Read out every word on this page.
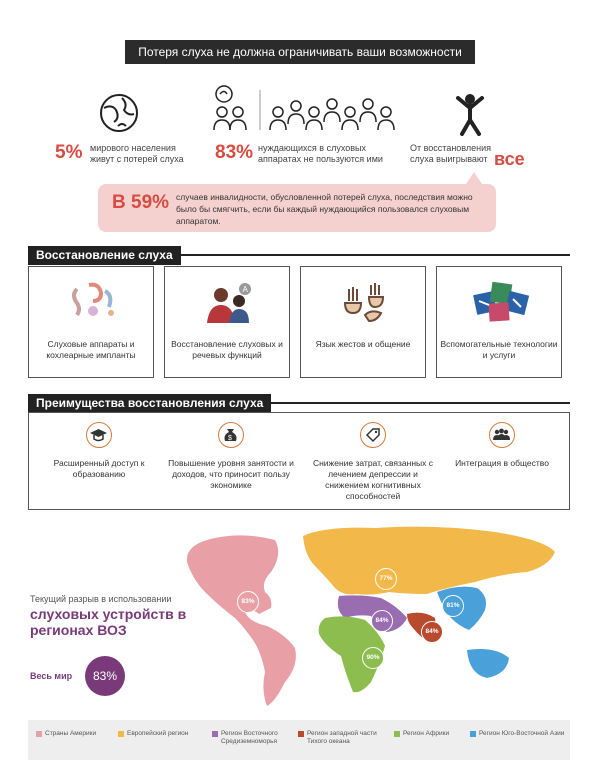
Потеря слуха не должна ограничивать ваши возможности
5% мирового населения живут с потерей слуха	83% нуждающихся в слуховых аппаратах не пользуются ими
От восстановления слуха выигрывают все
В 59% случаев инвалидности, обусловленной потерей слуха, последствия можно было бы смягчить, если бы каждый нуждающийся пользовался слуховым аппаратом.
Восстановление слуха
Слуховые аппараты и кохлеарные импланты
A
Восстановление слуховых и речевых функций
Язык жестов и общение	Вспомогательные технологии и услуги
Преимущества восстановления слуха
Расширенный доступ к образованию
$
Повышение уровня занятости и доходов, что приносит пользу экономике
Снижение затрат, связанных с лечением депрессии и снижением когнитивных способностей
Интеграция в общество
83%
77%
84%
84%
90%
81%
Текущий разрыв в использовании
слуховых устройств в регионах ВОЗ
Весь мир	83%
Страны Америки	Европейский регион	Регион Восточного Средиземноморья
Регион западной части Тихого океана
Регион Африки	Регион Юго-Восточной Азии
